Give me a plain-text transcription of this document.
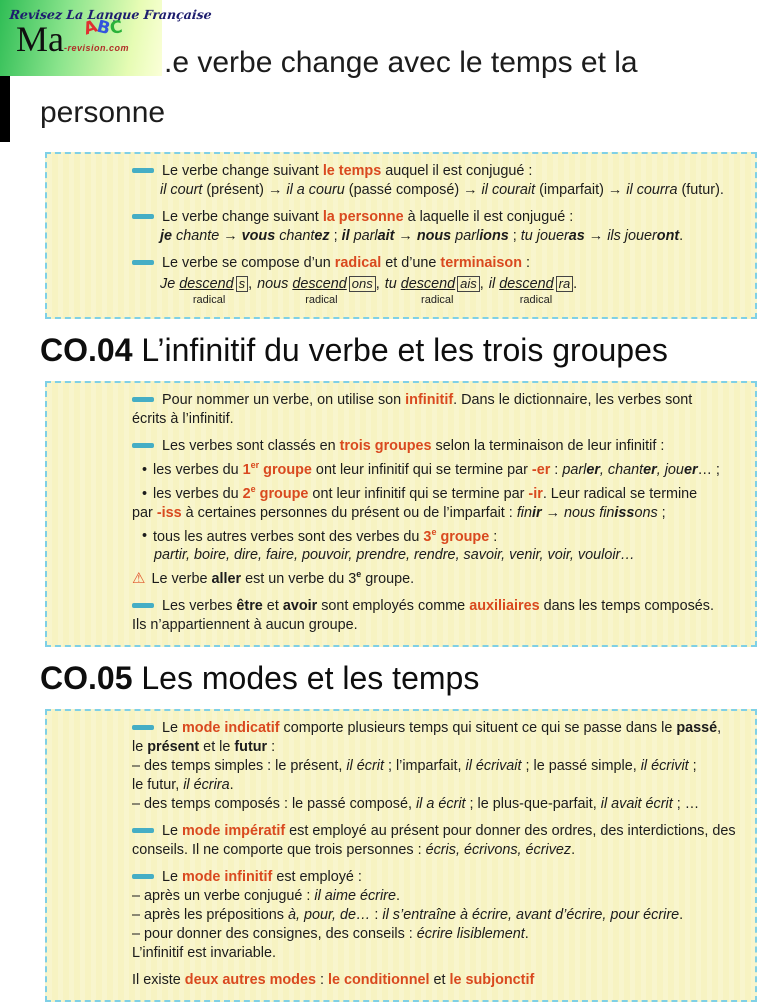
Revisez La Langue Française
ABC
Ma-revision.com	.e verbe change avec le temps et la
personne
Le verbe change suivant le temps auquel il est conjugué :
il court (présent) → il a couru (passé composé) → il courait (imparfait) → il courra (futur).
Le verbe change suivant la personne à laquelle il est conjugué :
je chante → vous chantez ; il parlait → nous parlions ; tu joueras → ils joueront.
Le verbe se compose d’un radical et d’une terminaison :
Je descend s ,
radical
nous descend ons ,
radical
tu descend ais ,
radical
il descend ra .
radical
CO.04 L’infinitif du verbe et les trois groupes
Pour nommer un verbe, on utilise son infinitif. Dans le dictionnaire, les verbes sont
écrits à l’infinitif.
Les verbes sont classés en trois groupes selon la terminaison de leur infinitif :
• les verbes du 1er groupe ont leur infinitif qui se termine par -er : parler, chanter, jouer… ;
• les verbes du 2e groupe ont leur infinitif qui se termine par -ir. Leur radical se termine
par -iss à certaines personnes du présent ou de l’imparfait : finir → nous finissons ;
• tous les autres verbes sont des verbes du 3e groupe :
partir, boire, dire, faire, pouvoir, prendre, rendre, savoir, venir, voir, vouloir…
⚠ Le verbe aller est un verbe du 3e groupe.
Les verbes être et avoir sont employés comme auxiliaires dans les temps composés.
Ils n’appartiennent à aucun groupe.
CO.05 Les modes et les temps
Le mode indicatif comporte plusieurs temps qui situent ce qui se passe dans le passé,
le présent et le futur :
– des temps simples : le présent, il écrit ; l’imparfait, il écrivait ; le passé simple, il écrivit ;
le futur, il écrira.
– des temps composés : le passé composé, il a écrit ; le plus-que-parfait, il avait écrit ; …
Le mode impératif est employé au présent pour donner des ordres, des interdictions, des
conseils. Il ne comporte que trois personnes : écris, écrivons, écrivez.
Le mode infinitif est employé :
– après un verbe conjugué : il aime écrire.
– après les prépositions à, pour, de… : il s’entraîne à écrire, avant d’écrire, pour écrire.
– pour donner des consignes, des conseils : écrire lisiblement.
L’infinitif est invariable.
Il existe deux autres modes : le conditionnel et le subjonctif
